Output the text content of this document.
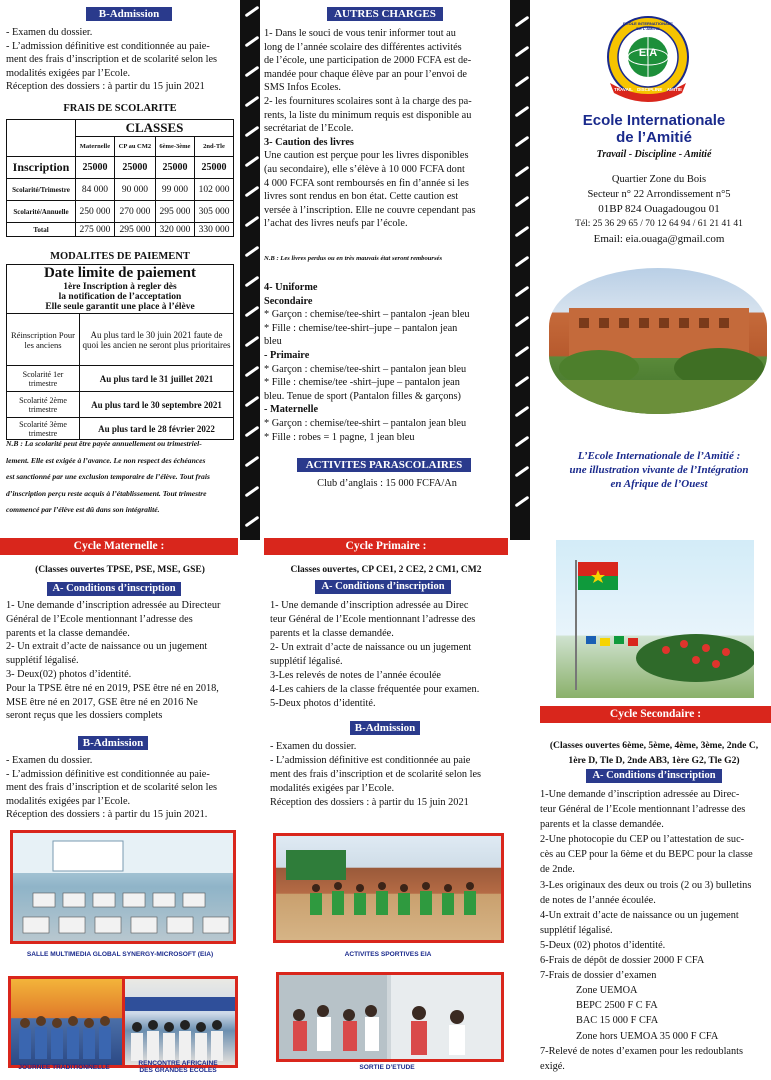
B-Admission

- Examen du dossier.

- L’admission définitive est conditionnée au paie-

ment des frais d’inscription et de scolarité selon les

modalités exigées par l’Ecole.

Réception des dossiers : à partir du 15 juin 2021

FRAIS DE SCOLARITE
	CLASSES			
	Maternelle	CP au CM2	6ème-3ème	2nd-Tle
Inscription	25000	25000	25000	25000
Scolarité/Trimestre	84 000	90 000	99 000	102 000
Scolarité/Annuelle	250 000	270 000	295 000	305 000
Total	275 000	295 000	320 000	330 000
MODALITES DE PAIEMENT
Date limite de paiement
1ère Inscription à regler dès
la notification de l’acceptation
Elle seule garantit une place à l’élève	

Réinscription Pour les anciens	Au plus tard le 30 juin 2021 faute de quoi les ancien ne seront plus prioritaires
Scolarité 1er trimestre	Au plus tard le 31 juillet 2021
Scolarité 2ème trimestre	Au plus tard le 30 septembre 2021
Scolarité 3ème trimestre	Au plus tard le 28 février 2022
N.B : La scolarité peut être payée annuellement ou trimestriel-
lement. Elle est exigée à l’avance. Le non respect des échéances
est sanctionné par une exclusion temporaire de l’élève. Tout frais
d’inscription perçu reste acquis à l’établissement. Tout trimestre
commencé par l’élève est dû dans son intégralité.
AUTRES CHARGES

1- Dans le souci de vous tenir informer tout au

long de l’année scolaire des différentes activités

de l’école, une participation de 2000 FCFA est de-

mandée pour chaque élève par an pour l’envoi de

SMS Infos Ecoles.

2- les fournitures scolaires sont à la charge des pa-

rents, la liste du minimum requis est disponible au

secrétariat de l’Ecole.

3- Caution des livres

Une caution est perçue pour les livres disponibles

(au secondaire), elle s’élève à 10 000 FCFA dont

4 000 FCFA sont remboursés en fin d’année si les

livres sont rendus en bon état. Cette caution est

versée à l’inscription. Elle ne couvre cependant pas

l’achat des livres neufs par l’école.

N.B : Les livres perdus ou en très mauvais état seront remboursés

4- Uniforme

Secondaire

* Garçon : chemise/tee-shirt – pantalon -jean bleu

* Fille : chemise/tee-shirt–jupe – pantalon jean

bleu

- Primaire

* Garçon : chemise/tee-shirt – pantalon jean bleu

* Fille : chemise/tee -shirt–jupe – pantalon jean

bleu. Tenue de sport (Pantalon filles & garçons)

- Maternelle

* Garçon : chemise/tee-shirt – pantalon jean bleu

* Fille : robes = 1 pagne, 1 jean bleu

ACTIVITES PARASCOLAIRES
Club d’anglais : 15 000 FCFA/An
EIA
ECOLE INTERNATIONALE DE L'AMITIE
TRAVAIL DISCIPLINE AMITIE
Ecole Internationale
de l’Amitié
Travail - Discipline - Amitié

Quartier Zone du Bois

Secteur n° 22 Arrondissement n°5

01BP 824 Ouagadougou 01

Tél: 25 36 29 65 / 70 12 64 94 / 61 21 41 41

Email: eia.ouaga@gmail.com

L’Ecole Internationale de l’Amitié :
une illustration vivante de l’Intégration
en Afrique de l’Ouest
Cycle Maternelle :
(Classes ouvertes TPSE, PSE, MSE, GSE)
A- Conditions d’inscription

1- Une demande d’inscription adressée au Directeur

Général de l’Ecole mentionnant l’adresse des

parents et la classe demandée.

2- Un extrait d’acte de naissance ou un jugement

supplétif légalisé.

3- Deux(02) photos d’identité.

Pour la TPSE être né en 2019, PSE être né en 2018,

MSE être né en 2017, GSE être né en 2016 Ne

seront reçus que les dossiers complets

B-Admission

- Examen du dossier.

- L’admission définitive est conditionnée au paie-

ment des frais d’inscription et de scolarité selon les

modalités exigées par l’Ecole.

Réception des dossiers : à partir du 15 juin 2021.

SALLE MULTIMEDIA GLOBAL SYNERGY-MICROSOFT (EIA)
JOURNEE TRADITIONNELLE
RENCONTRE AFRICAINE
DES GRANDES ECOLES
Cycle Primaire :
Classes ouvertes, CP CE1, 2 CE2, 2 CM1, CM2
A- Conditions d’inscription

1- Une demande d’inscription adressée au Direc

teur Général de l’Ecole mentionnant l’adresse des

parents et la classe demandée.

2- Un extrait d’acte de naissance ou un jugement

supplétif légalisé.

3-Les relevés de notes de l’année écoulée

4-Les cahiers de la classe fréquentée pour examen.

5-Deux photos d’identité.

B-Admission

- Examen du dossier.

- L’admission définitive est conditionnée au paie

ment des frais d’inscription et de scolarité selon les

modalités exigées par l’Ecole.

Réception des dossiers : à partir du 15 juin 2021

ACTIVITES SPORTIVES EIA
SORTIE D’ETUDE
Cycle Secondaire :
(Classes ouvertes 6ème, 5ème, 4ème, 3ème, 2nde C,
1ère D, Tle D, 2nde AB3, 1ère G2, Tle G2)
A- Conditions d’inscription

1-Une demande d’inscription adressée au Direc-

teur Général de l’Ecole mentionnant l’adresse des

parents et la classe demandée.

2-Une photocopie du CEP ou l’attestation de suc-

cès au CEP pour la 6ème et du BEPC pour la classe

de 2nde.

3-Les originaux des deux ou trois (2 ou 3) bulletins

de notes de l’année écoulée.

4-Un extrait d’acte de naissance ou un jugement

supplétif légalisé.

5-Deux (02) photos d’identité.

6-Frais de dépôt de dossier 2000 F CFA

7-Frais de dossier d’examen

Zone UEMOA

BEPC 2500 F C FA

BAC 15 000 F CFA

Zone hors UEMOA 35 000 F CFA

7-Relevé de notes d’examen pour les redoublants

exigé.
